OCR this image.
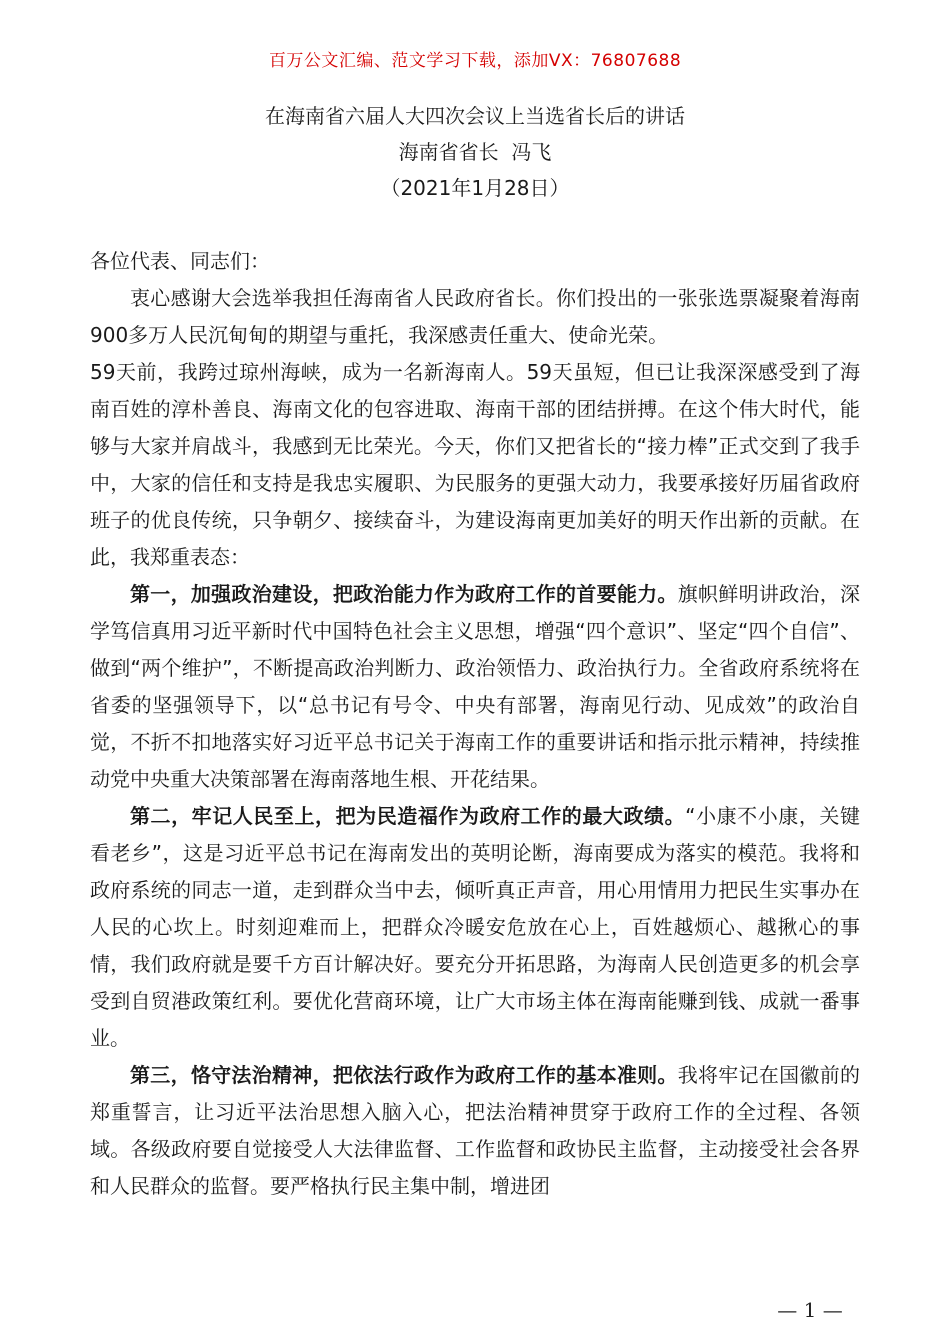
百万公文汇编、范文学习下载，添加VX：76807688
在海南省六届人大四次会议上当选省长后的讲话
海南省省长  冯飞
（2021年1月28日）

各位代表、同志们：

衷心感谢大会选举我担任海南省人民政府省长。你们投出的一张张选票凝聚着海南900多万人民沉甸甸的期望与重托，我深感责任重大、使命光荣。

59天前，我跨过琼州海峡，成为一名新海南人。59天虽短，但已让我深深感受到了海南百姓的淳朴善良、海南文化的包容进取、海南干部的团结拼搏。在这个伟大时代，能够与大家并肩战斗，我感到无比荣光。今天，你们又把省长的“接力棒”正式交到了我手中，大家的信任和支持是我忠实履职、为民服务的更强大动力，我要承接好历届省政府班子的优良传统，只争朝夕、接续奋斗，为建设海南更加美好的明天作出新的贡献。在此，我郑重表态：

第一，加强政治建设，把政治能力作为政府工作的首要能力。旗帜鲜明讲政治，深学笃信真用习近平新时代中国特色社会主义思想，增强“四个意识”、坚定“四个自信”、做到“两个维护”，不断提高政治判断力、政治领悟力、政治执行力。全省政府系统将在省委的坚强领导下，以“总书记有号令、中央有部署，海南见行动、见成效”的政治自觉，不折不扣地落实好习近平总书记关于海南工作的重要讲话和指示批示精神，持续推动党中央重大决策部署在海南落地生根、开花结果。

第二，牢记人民至上，把为民造福作为政府工作的最大政绩。“小康不小康，关键看老乡”，这是习近平总书记在海南发出的英明论断，海南要成为落实的模范。我将和政府系统的同志一道，走到群众当中去，倾听真正声音，用心用情用力把民生实事办在人民的心坎上。时刻迎难而上，把群众冷暖安危放在心上，百姓越烦心、越揪心的事情，我们政府就是要千方百计解决好。要充分开拓思路，为海南人民创造更多的机会享受到自贸港政策红利。要优化营商环境，让广大市场主体在海南能赚到钱、成就一番事业。

第三，恪守法治精神，把依法行政作为政府工作的基本准则。我将牢记在国徽前的郑重誓言，让习近平法治思想入脑入心，把法治精神贯穿于政府工作的全过程、各领域。各级政府要自觉接受人大法律监督、工作监督和政协民主监督，主动接受社会各界和人民群众的监督。要严格执行民主集中制，增进团

— 1 —
